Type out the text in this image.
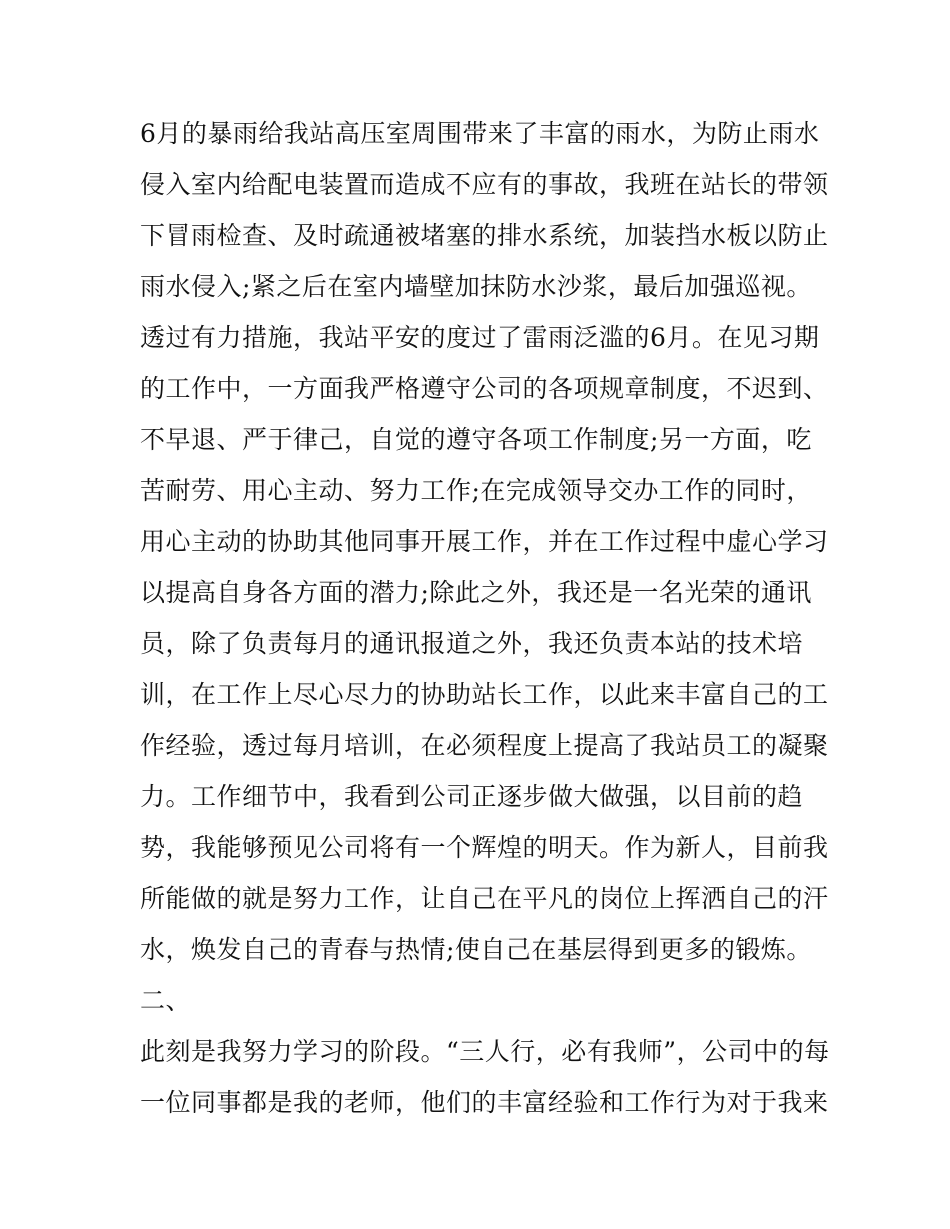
6月的暴雨给我站高压室周围带来了丰富的雨水，为防止雨水
侵入室内给配电装置而造成不应有的事故，我班在站长的带领
下冒雨检查、及时疏通被堵塞的排水系统，加装挡水板以防止
雨水侵入;紧之后在室内墙壁加抹防水沙浆，最后加强巡视。
透过有力措施，我站平安的度过了雷雨泛滥的6月。在见习期
的工作中，一方面我严格遵守公司的各项规章制度，不迟到、
不早退、严于律己，自觉的遵守各项工作制度;另一方面，吃
苦耐劳、用心主动、努力工作;在完成领导交办工作的同时，
用心主动的协助其他同事开展工作，并在工作过程中虚心学习
以提高自身各方面的潜力;除此之外，我还是一名光荣的通讯
员，除了负责每月的通讯报道之外，我还负责本站的技术培
训，在工作上尽心尽力的协助站长工作，以此来丰富自己的工
作经验，透过每月培训，在必须程度上提高了我站员工的凝聚
力。工作细节中，我看到公司正逐步做大做强，以目前的趋
势，我能够预见公司将有一个辉煌的明天。作为新人，目前我
所能做的就是努力工作，让自己在平凡的岗位上挥洒自己的汗
水，焕发自己的青春与热情;使自己在基层得到更多的锻炼。
二、
此刻是我努力学习的阶段。“三人行，必有我师”，公司中的每
一位同事都是我的老师，他们的丰富经验和工作行为对于我来
